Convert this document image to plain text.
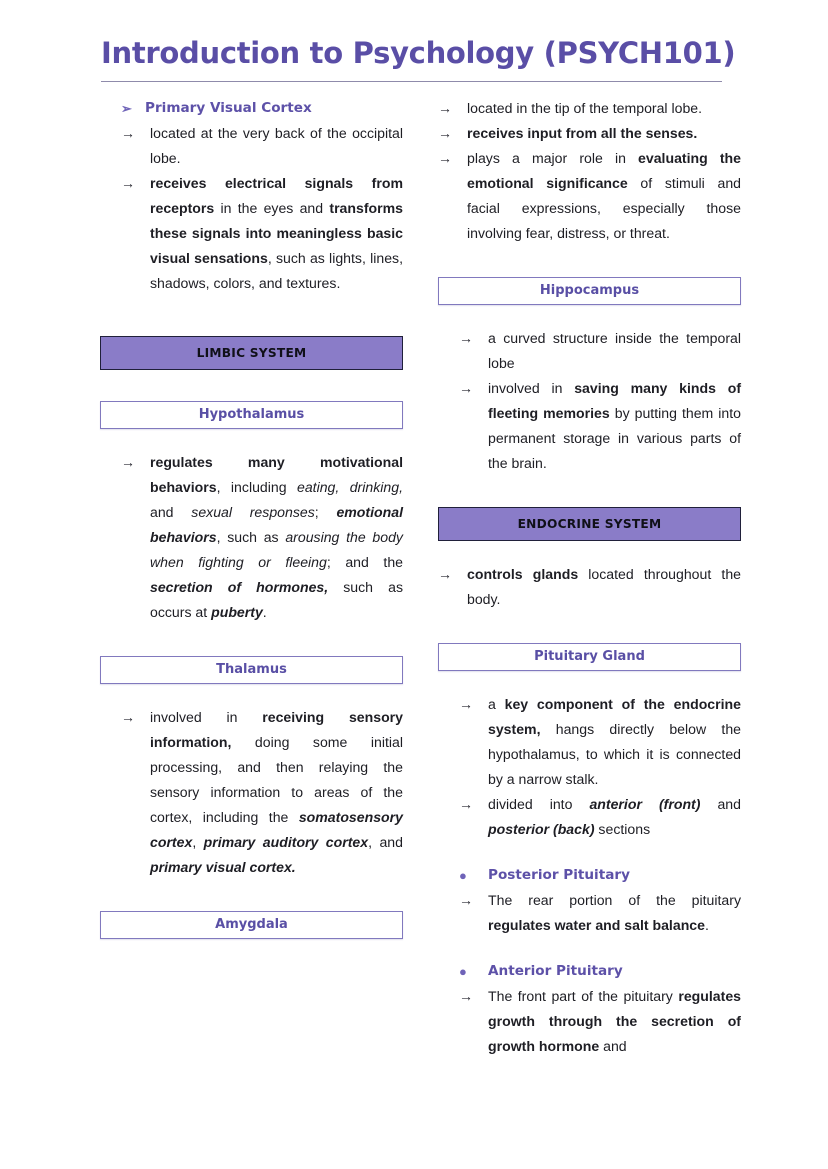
Introduction to Psychology (PSYCH101)
➢ Primary Visual Cortex
→	located at the very back of the occipital lobe.
→	receives electrical signals from receptors in the eyes and transforms these signals into meaningless basic visual sensations, such as lights, lines, shadows, colors, and textures.
LIMBIC SYSTEM
Hypothalamus
→	regulates many motivational behaviors, including eating, drinking, and sexual responses; emotional behaviors, such as arousing the body when fighting or fleeing; and the secretion of hormones, such as occurs at puberty.
Thalamus
→	involved in receiving sensory information, doing some initial processing, and then relaying the sensory information to areas of the cortex, including the somatosensory cortex, primary auditory cortex, and primary visual cortex.
Amygdala
→	located in the tip of the temporal lobe.
→	receives input from all the senses.
→	plays a major role in evaluating the emotional significance of stimuli and facial expressions, especially those involving fear, distress, or threat.
Hippocampus
→	a curved structure inside the temporal lobe
→	involved in saving many kinds of fleeting memories by putting them into permanent storage in various parts of the brain.
ENDOCRINE SYSTEM
→	controls glands located throughout the body.
Pituitary Gland
→	a key component of the endocrine system, hangs directly below the hypothalamus, to which it is connected by a narrow stalk.
→	divided into anterior (front) and posterior (back) sections
●	Posterior Pituitary
→	The rear portion of the pituitary regulates water and salt balance.
●	Anterior Pituitary
→	The front part of the pituitary regulates growth through the secretion of growth hormone and
